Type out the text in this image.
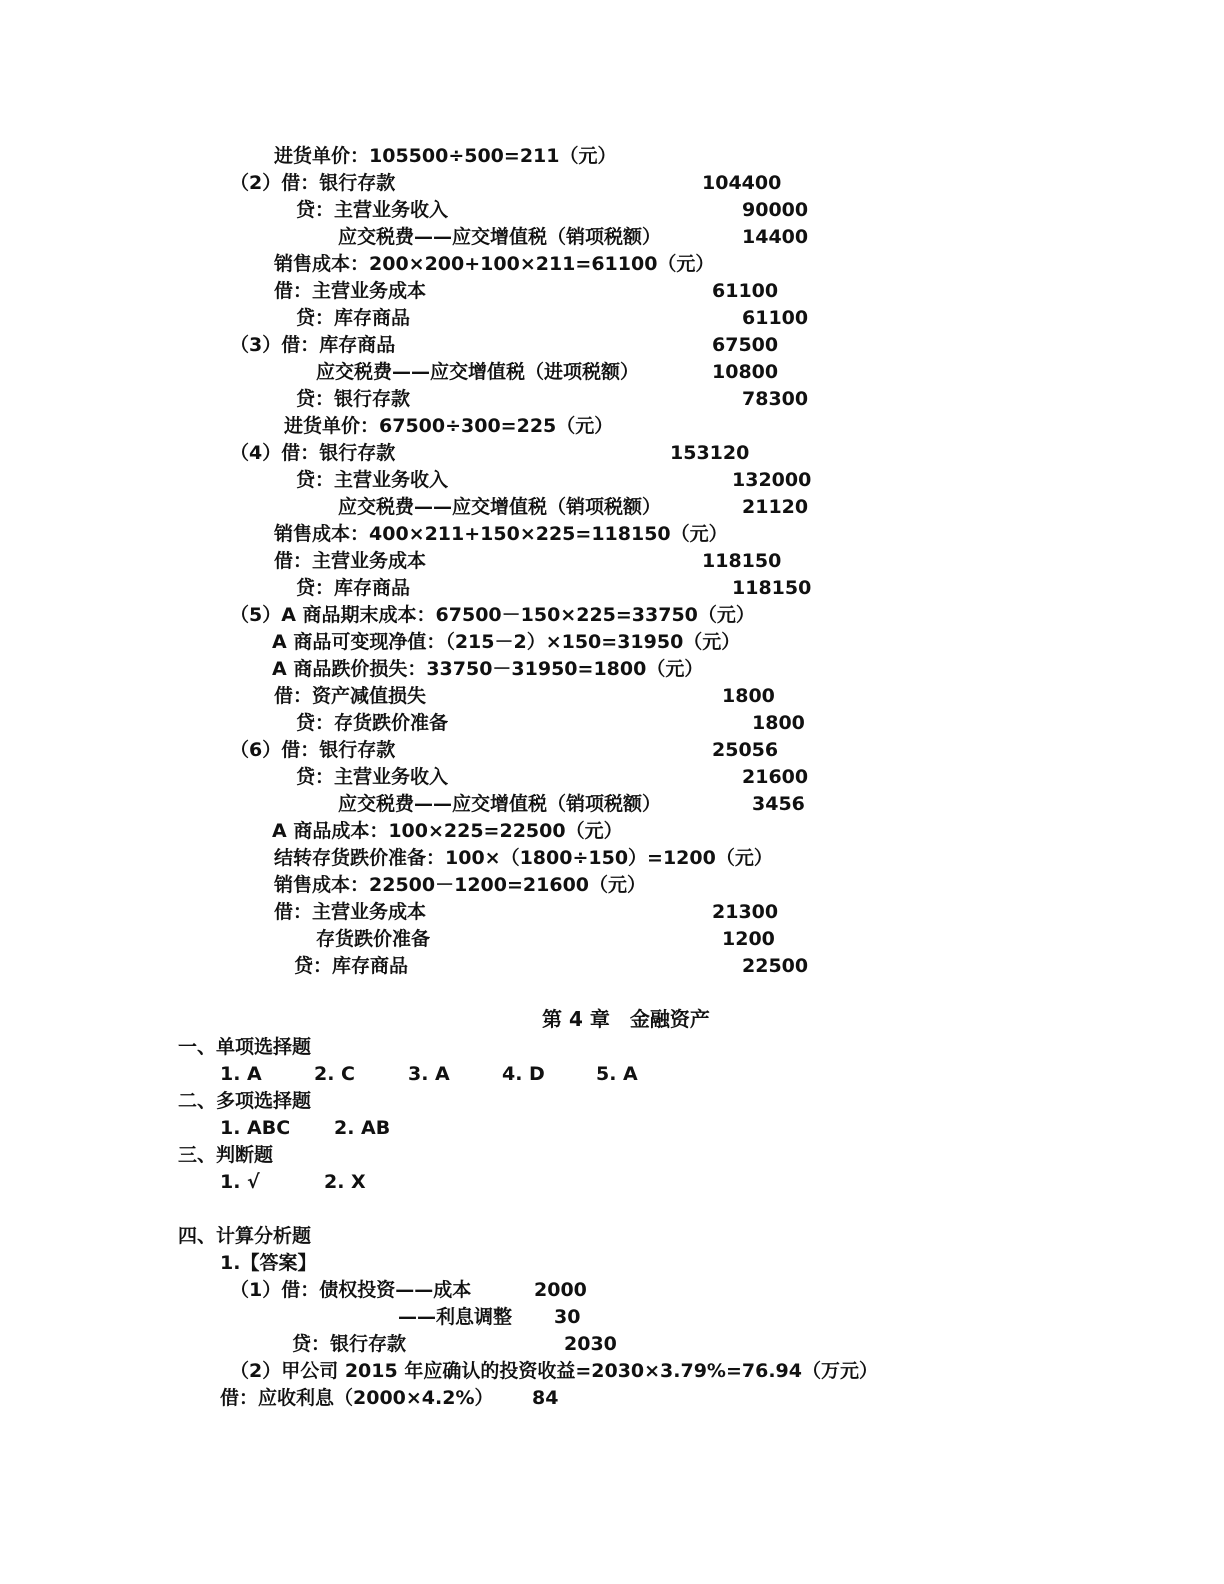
进货单价：105500÷500=211（元）
（2）借：银行存款	104400
贷：主营业务收入	90000
应交税费——应交增值税（销项税额）	14400
销售成本：200×200+100×211=61100（元）
借：主营业务成本	61100
贷：库存商品	61100
（3）借：库存商品	67500
应交税费——应交增值税（进项税额）	10800
贷：银行存款	78300
进货单价：67500÷300=225（元）
（4）借：银行存款	153120
贷：主营业务收入	132000
应交税费——应交增值税（销项税额）	21120
销售成本：400×211+150×225=118150（元）
借：主营业务成本	118150
贷：库存商品	118150
（5）A 商品期末成本：67500－150×225=33750（元）
A 商品可变现净值：（215－2）×150=31950（元）
A 商品跌价损失：33750－31950=1800（元）
借：资产减值损失	1800
贷：存货跌价准备	1800
（6）借：银行存款	25056
贷：主营业务收入	21600
应交税费——应交增值税（销项税额）	3456
A 商品成本：100×225=22500（元）
结转存货跌价准备：100×（1800÷150）=1200（元）
销售成本：22500－1200=21600（元）
借：主营业务成本	21300
存货跌价准备	1200
贷：库存商品	22500
第 4 章　金融资产
一、单项选择题
1. A	2. C	3. A	4. D	5. A
二、多项选择题
1. ABC 2. AB
三、判断题
1. √	2. X
四、计算分析题
1.【答案】
（1）借：债权投资——成本	2000
——利息调整 30
贷：银行存款	2030
（2）甲公司 2015 年应确认的投资收益=2030×3.79%=76.94（万元）
借：应收利息（2000×4.2%） 84
